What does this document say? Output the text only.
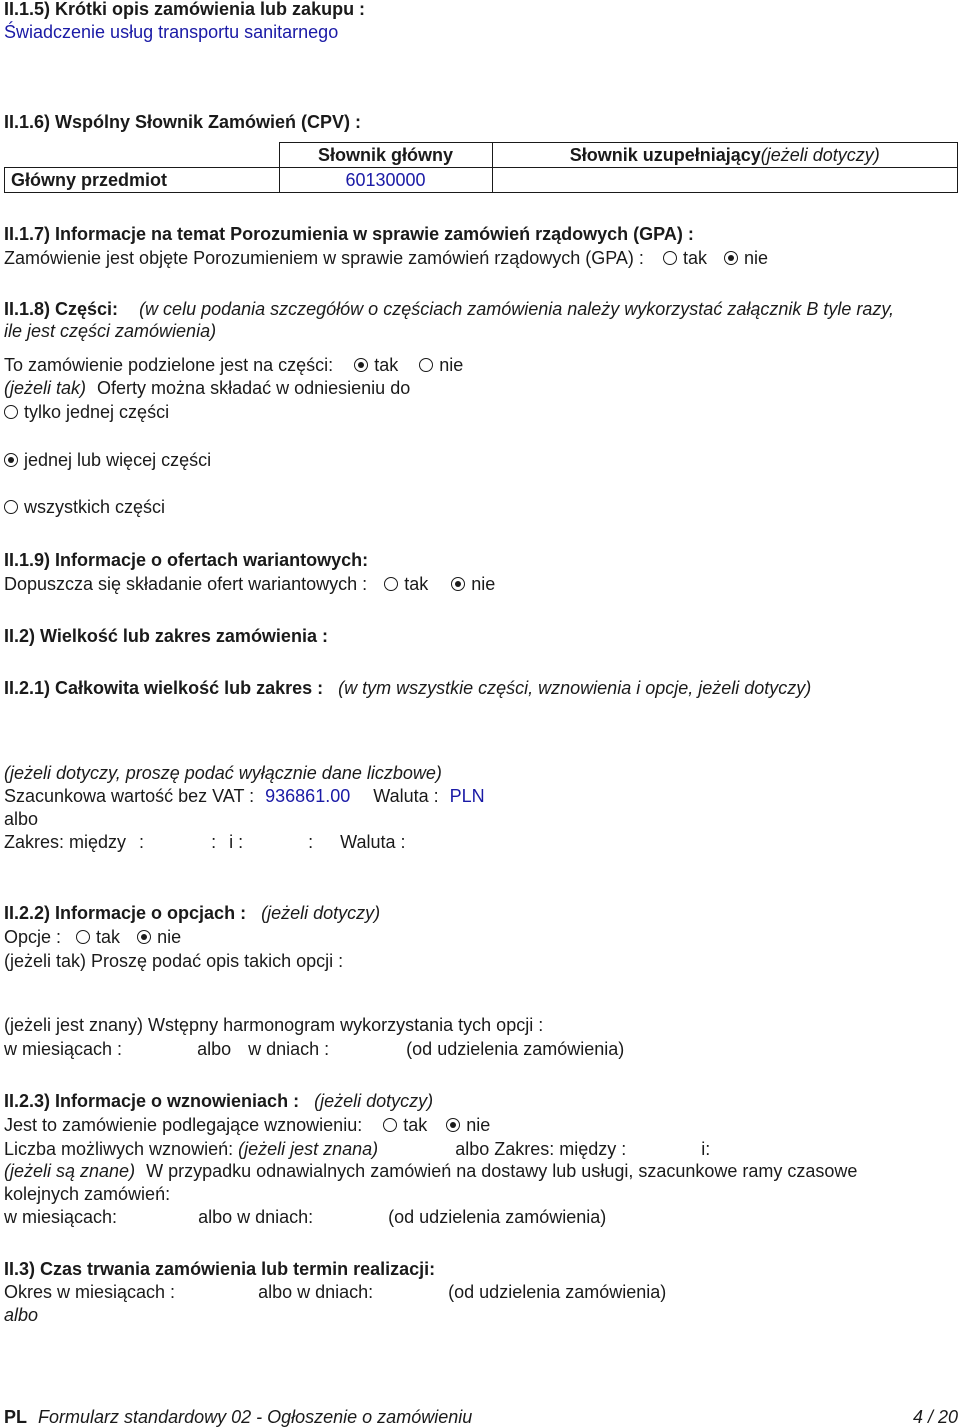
II.1.5) Krótki opis zamówienia lub zakupu :
Świadczenie usług transportu sanitarnego
II.1.6) Wspólny Słownik Zamówień (CPV) :
	Słownik główny	Słownik uzupełniający(jeżeli dotyczy)
Główny przedmiot	60130000	
II.1.7) Informacje na temat Porozumienia w sprawie zamówień rządowych (GPA) :
Zamówienie jest objęte Porozumieniem w sprawie zamówień rządowych (GPA) : tak nie
II.1.8) Części: (w celu podania szczegółów o częściach zamówienia należy wykorzystać załącznik B tyle razy,
ile jest części zamówienia)
To zamówienie podzielone jest na części: tak nie
(jeżeli tak) Oferty można składać w odniesieniu do
tylko jednej części
jednej lub więcej części
wszystkich części
II.1.9) Informacje o ofertach wariantowych:
Dopuszcza się składanie ofert wariantowych : tak nie
II.2) Wielkość lub zakres zamówienia :
II.2.1) Całkowita wielkość lub zakres : (w tym wszystkie części, wznowienia i opcje, jeżeli dotyczy)
(jeżeli dotyczy, proszę podać wyłącznie dane liczbowe)
Szacunkowa wartość bez VAT : 936861.00 Waluta : PLN
albo
Zakres: między :	: i :	: Waluta :
II.2.2) Informacje o opcjach : (jeżeli dotyczy)
Opcje : tak nie
(jeżeli tak) Proszę podać opis takich opcji :
(jeżeli jest znany) Wstępny harmonogram wykorzystania tych opcji :
w miesiącach :	albo w dniach :	(od udzielenia zamówienia)
II.2.3) Informacje o wznowieniach : (jeżeli dotyczy)
Jest to zamówienie podlegające wznowieniu: tak nie
Liczba możliwych wznowień: (jeżeli jest znana)	albo Zakres: między :	i:
(jeżeli są znane) W przypadku odnawialnych zamówień na dostawy lub usługi, szacunkowe ramy czasowe
kolejnych zamówień:
w miesiącach:	albo w dniach:	(od udzielenia zamówienia)
II.3) Czas trwania zamówienia lub termin realizacji:
Okres w miesiącach :	albo w dniach:	(od udzielenia zamówienia)
albo
PL Formularz standardowy 02 - Ogłoszenie o zamówieniu	4 / 20
